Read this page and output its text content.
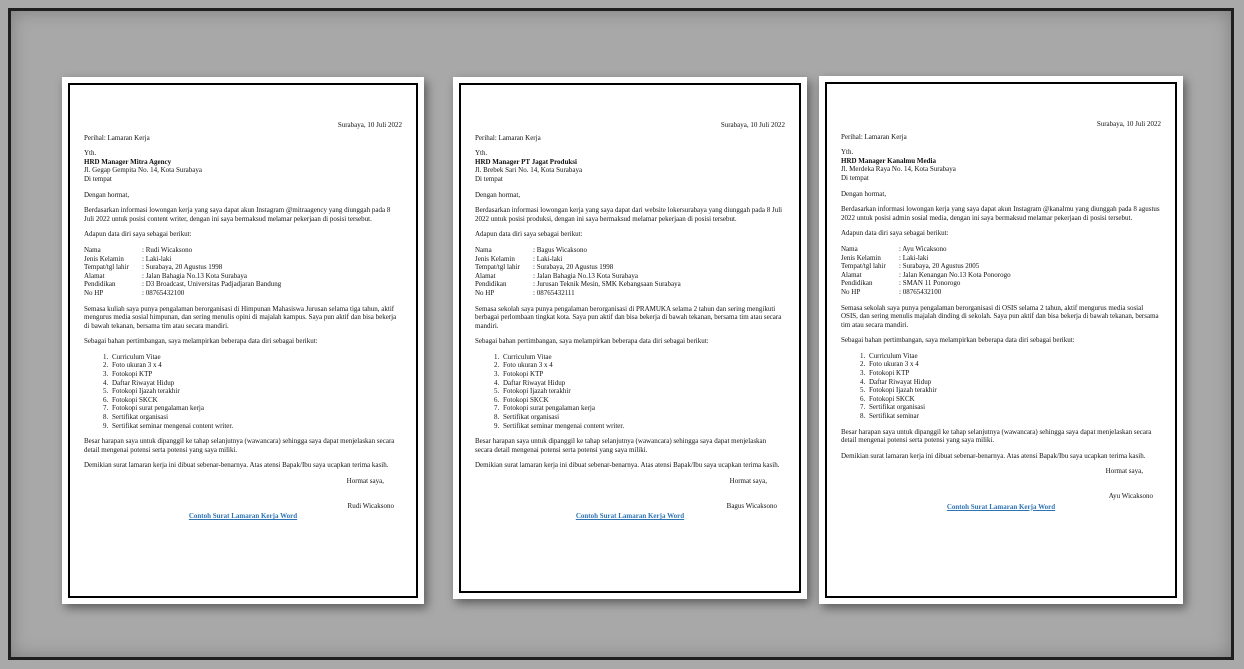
Surabaya, 10 Juli 2022
Perihal: Lamaran Kerja
Yth.
HRD Manager Mitra Agency
Jl. Gegap Gempita No. 14, Kota Surabaya
Di tempat
Dengan hormat,
Berdasarkan informasi lowongan kerja yang saya dapat akun Instagram @mitraagency yang diunggah pada 8 Juli 2022 untuk posisi content writer, dengan ini saya bermaksud melamar pekerjaan di posisi tersebut.
Adapun data diri saya sebagai berikut:
Nama	: Rudi Wicaksono
Jenis Kelamin	: Laki-laki
Tempat/tgl lahir	: Surabaya, 20 Agustus 1998
Alamat	: Jalan Bahagia No.13 Kota Surabaya
Pendidikan	: D3 Broadcast, Universitas Padjadjaran Bandung
No HP	: 08765432100
Semasa kuliah saya punya pengalaman berorganisasi di Himpunan Mahasiswa Jurusan selama tiga tahun, aktif mengurus media sosial himpunan, dan sering menulis opini di majalah kampus. Saya pun aktif dan bisa bekerja di bawah tekanan, bersama tim atau secara mandiri.
Sebagai bahan pertimbangan, saya melampirkan beberapa data diri sebagai berikut:
1. Curriculum Vitae
2. Foto ukuran 3 x 4
3. Fotokopi KTP
4. Daftar Riwayat Hidup
5. Fotokopi Ijazah terakhir
6. Fotokopi SKCK
7. Fotokopi surat pengalaman kerja
8. Sertifikat organisasi
9. Sertifikat seminar mengenai content writer.
Besar harapan saya untuk dipanggil ke tahap selanjutnya (wawancara) sehingga saya dapat menjelaskan secara detail mengenai potensi serta potensi yang saya miliki.
Demikian surat lamaran kerja ini dibuat sebenar-benarnya. Atas atensi Bapak/Ibu saya ucapkan terima kasih.
Hormat saya,
Rudi Wicaksono
Contoh Surat Lamaran Kerja Word
Surabaya, 10 Juli 2022
Perihal: Lamaran Kerja
Yth.
HRD Manager PT Jagat Produksi
Jl. Brebek Sari No. 14, Kota Surabaya
Di tempat
Dengan hormat,
Berdasarkan informasi lowongan kerja yang saya dapat dari website lokersurabaya yang diunggah pada 8 Juli 2022 untuk posisi produksi, dengan ini saya bermaksud melamar pekerjaan di posisi tersebut.
Adapun data diri saya sebagai berikut:
Nama	: Bagus Wicaksono
Jenis Kelamin	: Laki-laki
Tempat/tgl lahir	: Surabaya, 20 Agustus 1998
Alamat	: Jalan Bahagia No.13 Kota Surabaya
Pendidikan	: Jurusan Teknik Mesin, SMK Kebangsaan Surabaya
No HP	: 08765432111
Semasa sekolah saya punya pengalaman berorganisasi di PRAMUKA selama 2 tahun dan sering mengikuti berbagai perlombaan tingkat kota. Saya pun aktif dan bisa bekerja di bawah tekanan, bersama tim atau secara mandiri.
Sebagai bahan pertimbangan, saya melampirkan beberapa data diri sebagai berikut:
1. Curriculum Vitae
2. Foto ukuran 3 x 4
3. Fotokopi KTP
4. Daftar Riwayat Hidup
5. Fotokopi Ijazah terakhir
6. Fotokopi SKCK
7. Fotokopi surat pengalaman kerja
8. Sertifikat organisasi
9. Sertifikat seminar mengenai content writer.
Besar harapan saya untuk dipanggil ke tahap selanjutnya (wawancara) sehingga saya dapat menjelaskan secara detail mengenai potensi serta potensi yang saya miliki.
Demikian surat lamaran kerja ini dibuat sebenar-benarnya. Atas atensi Bapak/Ibu saya ucapkan terima kasih.
Hormat saya,
Bagus Wicaksono
Contoh Surat Lamaran Kerja Word
Surabaya, 10 Juli 2022
Perihal: Lamaran Kerja
Yth.
HRD Manager Kanalmu Media
Jl. Merdeka Raya No. 14, Kota Surabaya
Di tempat
Dengan hormat,
Berdasarkan informasi lowongan kerja yang saya dapat akun Instagram @kanalmu yang diunggah pada 8 agustus 2022 untuk posisi admin sosial media, dengan ini saya bermaksud melamar pekerjaan di posisi tersebut.
Adapun data diri saya sebagai berikut:
Nama	: Ayu Wicaksono
Jenis Kelamin	: Laki-laki
Tempat/tgl lahir	: Surabaya, 20 Agustus 2005
Alamat	: Jalan Kenangan No.13 Kota Ponorogo
Pendidikan	: SMAN 11 Ponorogo
No HP	: 08765432100
Semasa sekolah saya punya pengalaman berorganisasi di OSIS selama 2 tahun, aktif mengurus media sosial OSIS, dan sering menulis majalah dinding di sekolah. Saya pun aktif dan bisa bekerja di bawah tekanan, bersama tim atau secara mandiri.
Sebagai bahan pertimbangan, saya melampirkan beberapa data diri sebagai berikut:
1. Curriculum Vitae
2. Foto ukuran 3 x 4
3. Fotokopi KTP
4. Daftar Riwayat Hidup
5. Fotokopi Ijazah terakhir
6. Fotokopi SKCK
7. Sertifikat organisasi
8. Sertifikat seminar
Besar harapan saya untuk dipanggil ke tahap selanjutnya (wawancara) sehingga saya dapat menjelaskan secara detail mengenai potensi serta potensi yang saya miliki.
Demikian surat lamaran kerja ini dibuat sebenar-benarnya. Atas atensi Bapak/Ibu saya ucapkan terima kasih.
Hormat saya,
Ayu Wicaksono
Contoh Surat Lamaran Kerja Word
